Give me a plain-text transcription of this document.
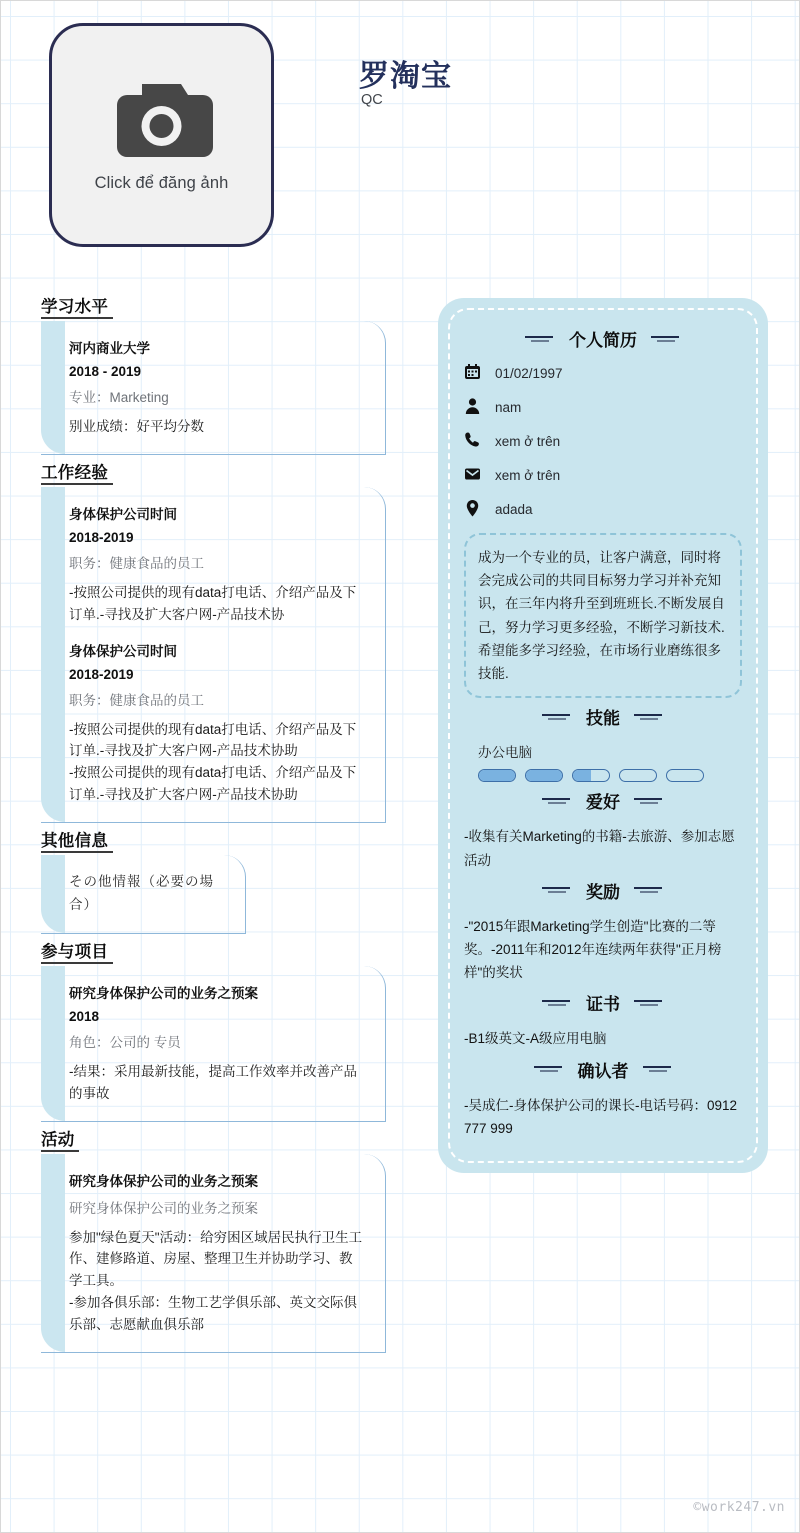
Click để đăng ảnh
罗淘宝
QC
学习水平
河内商业大学
2018 - 2019
专业：Marketing
别业成绩：好平均分数
工作经验
身体保护公司时间
2018-2019
职务：健康食品的员工
-按照公司提供的现有data打电话、介绍产品及下订单.-寻找及扩大客户网-产品技术协
身体保护公司时间
2018-2019
职务：健康食品的员工
-按照公司提供的现有data打电话、介绍产品及下订单.-寻找及扩大客户网-产品技术协助
-按照公司提供的现有data打电话、介绍产品及下订单.-寻找及扩大客户网-产品技术协助
其他信息
その他情報（必要の場合）
参与项目
研究身体保护公司的业务之预案
2018
角色：公司的 专员
-结果：采用最新技能，提高工作效率并改善产品的事故
活动
研究身体保护公司的业务之预案
研究身体保护公司的业务之预案
参加"绿色夏天"活动：给穷困区域居民执行卫生工作、建修路道、房屋、整理卫生并协助学习、教学工具。
-参加各俱乐部：生物工艺学俱乐部、英文交际俱乐部、志愿献血俱乐部
个人简历
01/02/1997
nam
xem ở trên
xem ở trên
adada
成为一个专业的员，让客户满意，同时将会完成公司的共同目标努力学习并补充知识，在三年内将升至到班班长.不断发展自己，努力学习更多经验，不断学习新技术.希望能多学习经验，在市场行业磨练很多技能.
技能
办公电脑
爱好
-收集有关Marketing的书籍-去旅游、参加志愿活动
奖励
-"2015年跟Marketing学生创造"比赛的二等奖。-2011年和2012年连续两年获得"正月榜样"的奖状
证书
-B1级英文-A级应用电脑
确认者
-吴成仁-身体保护公司的课长-电话号码：0912 777 999
©work247.vn
